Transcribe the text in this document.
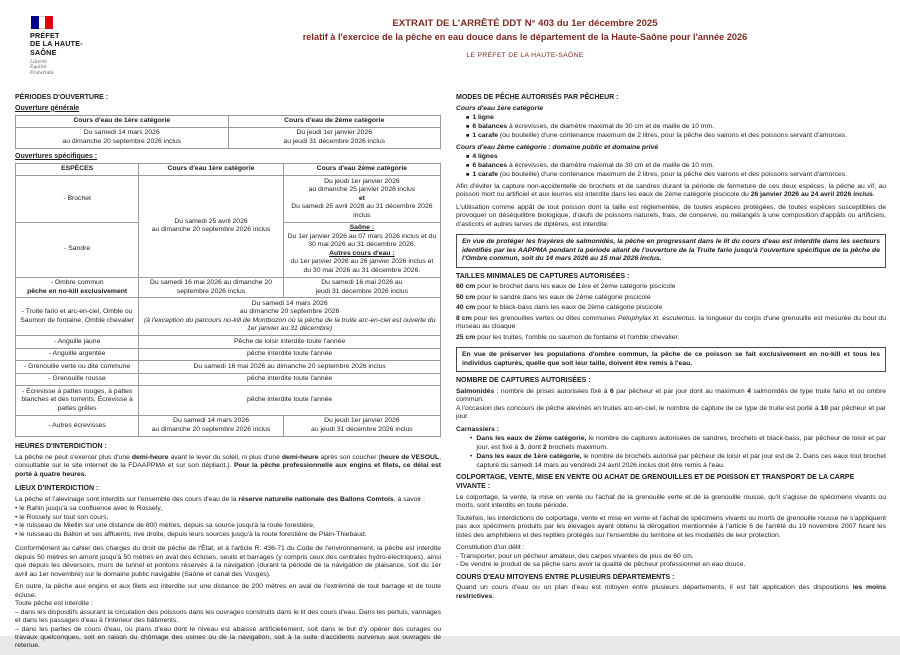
PRÉFET
DE LA HAUTE-
SAÔNE
Liberté
Égalité
Fraternité
EXTRAIT DE L'ARRÊTÉ DDT N° 403 du 1er décembre 2025
relatif à l'exercice de la pêche en eau douce dans le département de la Haute-Saône pour l'année 2026
LE PRÉFET DE LA HAUTE-SAÔNE
PÉRIODES D'OUVERTURE :
Ouverture générale
Cours d'eau de 1ère catégorie	Cours d'eau de 2ème catégorie
Du samedi 14 mars 2026
au dimanche 20 septembre 2026 inclus	Du jeudi 1er janvier 2026
au jeudi 31 décembre 2026 inclus
Ouvertures spécifiques :
ESPÈCES	Cours d'eau 1ère catégorie	Cours d'eau 2ème catégorie
- Brochet	Du samedi 25 avril 2026
au dimanche 20 septembre 2026 inclus	Du jeudi 1er janvier 2026
au dimanche 25 janvier 2026 inclus
et
Du samedi 25 avril 2026 au 31 décembre 2026 inclus
- Sandre		Saône :
Du 1er janvier 2026 au 07 mars 2026 inclus et du 30 mai 2026 au 31 décembre 2026.
Autres cours d'eau :
du 1er janvier 2026 au 26 janvier 2026 inclus et du 30 mai 2026 au 31 décembre 2026.
- Ombre commun
pêche en no-kill exclusivement	Du samedi 16 mai 2026 au dimanche 20 septembre 2026 inclus	Du samedi 16 mai 2026 au
jeudi 31 décembre 2026 inclus
- Truite fario et arc-en-ciel, Omble ou Saumon de fontaine, Omble chevalier	Du samedi 14 mars 2026
au dimanche 20 septembre 2026
(à l'exception du parcours no-kill de Montbozon où la pêche de la truite arc-en-ciel est ouverte du 1er janvier au 31 décembre)	
- Anguille jaune	Pêche de loisir interdite toute l'année	
- Anguille argentée	pêche interdite toute l'année	
- Grenouille verte ou dite commune	Du samedi 16 mai 2026 au dimanche 20 septembre 2026 inclus	
- Grenouille rousse	pêche interdite toute l'année	
- Écrevisse à pattes rouges, à pattes blanches et des torrents, Écrevisse à pattes grêles	pêche interdite toute l'année	
- Autres écrevisses	Du samedi 14 mars 2026
au dimanche 20 septembre 2026 inclus	Du jeudi 1er janvier 2026
au jeudi 31 décembre 2026 inclus
HEURES D'INTERDICTION :

La pêche ne peut s'exercer plus d'une demi-heure avant le lever du soleil, ni plus d'une demi-heure après son coucher (heure de VESOUL, consultable sur le site internet de la FDAAPPMA et sur son dépliant.). Pour la pêche professionnelle aux engins et filets, ce délai est porté à quatre heures.

LIEUX D'INTERDICTION :

La pêche et l'alevinage sont interdits sur l'ensemble des cours d'eau de la réserve naturelle nationale des Ballons Comtois, à savoir :

• le Rahin jusqu'à sa confluence avec le Rossely,
• le Rossely sur tout son cours,
• le ruisseau de Miellin sur une distance de 800 mètres, depuis sa source jusqu'à la route forestière,
• le ruisseau du Ballon et ses affluents, rive droite, depuis leurs sources jusqu'à la route forestière de Plain-Thiebaud.

Conformément au cahier des charges du droit de pêche de l'État, et à l'article R. 436-71 du Code de l'environnement, la pêche est interdite depuis 50 mètres en amont jusqu'à 50 mètres en aval des écluses, seuils et barrages (y compris ceux des centrales hydro-électriques), ainsi que depuis les déversoirs, murs de tunnel et pontons réservés à la navigation (durant la période de la navigation de plaisance, soit du 1er avril au 1er novembre) sur le domaine public navigable (Saône et canal des Vosges).

En outre, la pêche aux engins et aux filets est interdite sur une distance de 200 mètres en aval de l'extrémité de tout barrage et de toute écluse.
Toute pêche est interdite :
– dans les dispositifs assurant la circulation des poissons dans les ouvrages construits dans le lit des cours d'eau. Dans les pertuis, vannages et dans les passages d'eau à l'intérieur des bâtiments.
– dans les parties de cours d'eau, ou plans d'eau dont le niveau est abaissé artificiellement, soit dans le but d'y opérer des curages ou travaux quelconques, soit en raison du chômage des usines ou de la navigation, soit à la suite d'accidents survenus aux ouvrages de retenue.

MODES DE PÊCHE AUTORISÉS PAR PÊCHEUR :
Cours d'eau 1ère catégorie
■ 1 ligne
■ 6 balances à écrevisses, de diamètre maximal de 30 cm et de maille de 10 mm.
■ 1 carafe (ou bouteille) d'une contenance maximum de 2 litres, pour la pêche des vairons et des poissons servant d'amorces.
Cours d'eau 2ème catégorie : domaine public et domaine privé
■ 4 lignes
■ 6 balances à écrevisses, de diamètre maximal de 30 cm et de maille de 10 mm.
■ 1 carafe (ou bouteille) d'une contenance maximum de 2 litres, pour la pêche des vairons et des poissons servant d'amorces.

Afin d'éviter la capture non-accidentelle de brochets et de sandres durant la période de fermeture de ces deux espèces, la pêche au vif, au poisson mort ou artificiel et aux leurres est interdite dans les eaux de 2ème catégorie piscicole du 26 janvier 2026 au 24 avril 2026 inclus.

L'utilisation comme appât de tout poisson dont la taille est réglementée, de toutes espèces protégées, de toutes espèces susceptibles de provoquer un déséquilibre biologique, d'œufs de poissons naturels, frais, de conserve, ou mélangés à une composition d'appâts ou artificiels, d'asticots et autres larves de diptères, est interdite.

En vue de protéger les frayères de salmonidés, la pêche en progressant dans le lit du cours d'eau est interdite dans les secteurs identifiés par les AAPPMA pendant la période allant de l'ouverture de la Truite fario jusqu'à l'ouverture spécifique de la pêche de l'Ombre commun, soit du 14 mars 2026 au 15 mai 2026 inclus.
TAILLES MINIMALES DE CAPTURES AUTORISÉES :

60 cm pour le brochet dans les eaux de 1ère et 2ème catégorie piscicole

50 cm pour le sandre dans les eaux de 2ème catégorie piscicole

40 cm pour le black-bass dans les eaux de 2ème catégorie piscicole

8 cm pour les grenouilles vertes ou dites communes Pelophylax kl. esculentus. la longueur du corps d'une grenouille est mesurée du bout du museau au cloaque

25 cm pour les truites, l'omble ou saumon de fontaine et l'omble chevalier.

En vue de préserver les populations d'ombre commun, la pêche de ce poisson se fait exclusivement en no-kill et tous les individus capturés, quelle que soit leur taille, doivent être remis à l'eau.
NOMBRE DE CAPTURES AUTORISÉES :

Salmonidés : nombre de prises autorisées fixé à 6 par pêcheur et par jour dont au maximum 4 salmonidés de type truite fario et ou ombre commun.
A l'occasion des concours de pêche alevinés en truites arc-en-ciel, le nombre de capture de ce type de truite est porté à 10 par pêcheur et par jour.

Carnassiers :
• Dans les eaux de 2ème catégorie, le nombre de captures autorisées de sandres, brochets et black-bass, par pêcheur de loisir et par jour, est fixé à 3, dont 2 brochets maximum.
• Dans les eaux de 1ère catégorie, le nombre de brochets autorisé par pêcheur de loisir et par jour est de 2. Dans ces eaux tout brochet capturé du samedi 14 mars au vendredi 24 avril 2026 inclus doit être remis à l'eau.
COLPORTAGE, VENTE, MISE EN VENTE OU ACHAT DE GRENOUILLES ET DE POISSON ET TRANSPORT DE LA CARPE VIVANTE :

Le colportage, la vente, la mise en vente ou l'achat de la grenouille verte et de la grenouille rousse, qu'il s'agisse de spécimens vivants ou morts, sont interdits en toute période.

Toutefois, les interdictions de colportage, vente et mise en vente et l'achat de spécimens vivants ou morts de grenouille rousse ne s'appliquent pas aux spécimens produits par les élevages ayant obtenu la dérogation mentionnée à l'article 6 de l'arrêté du 19 novembre 2007 fixant les listes des amphibiens et des reptiles protégés sur l'ensemble du territoire et les modalités de leur protection.

Constitution d'un délit :
- Transporter, pour un pêcheur amateur, des carpes vivantes de plus de 60 cm.
- De vendre le produit de sa pêche sans avoir la qualité de pêcheur professionnel en eau douce.

COURS D'EAU MITOYENS ENTRE PLUSIEURS DÉPARTEMENTS :

Quand un cours d'eau ou un plan d'eau est mitoyen entre plusieurs départements, il est fait application des dispositions les moins restrictives.
